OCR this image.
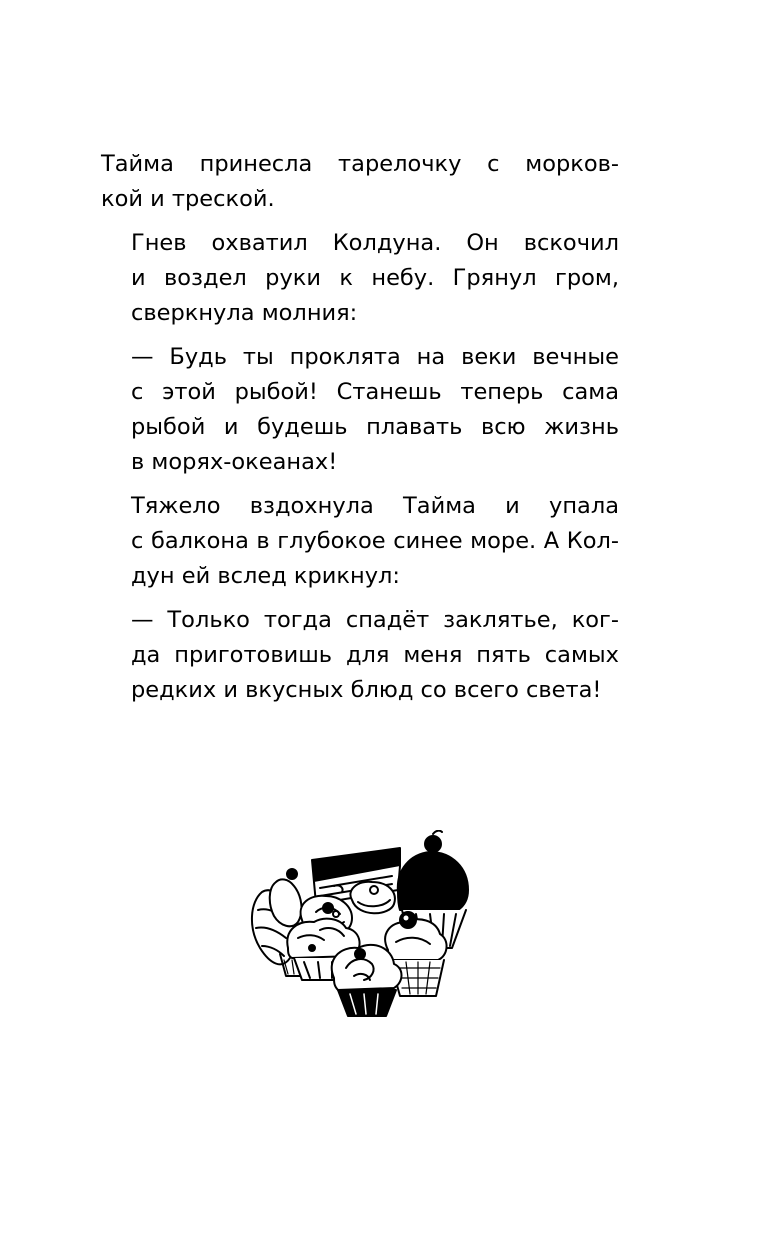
Тайма принесла тарелочку с морков-
кой и треской.

Гнев охватил Колдуна. Он вскочил
и воздел руки к небу. Грянул гром,
сверкнула молния:

— Будь ты проклята на веки вечные
с этой рыбой! Станешь теперь сама
рыбой и будешь плавать всю жизнь
в морях-океанах!

Тяжело вздохнула Тайма и упала
с балкона в глубокое синее море. А Кол-
дун ей вслед крикнул:

— Только тогда спадёт заклятье, ког-
да приготовишь для меня пять самых
редких и вкусных блюд со всего света!
